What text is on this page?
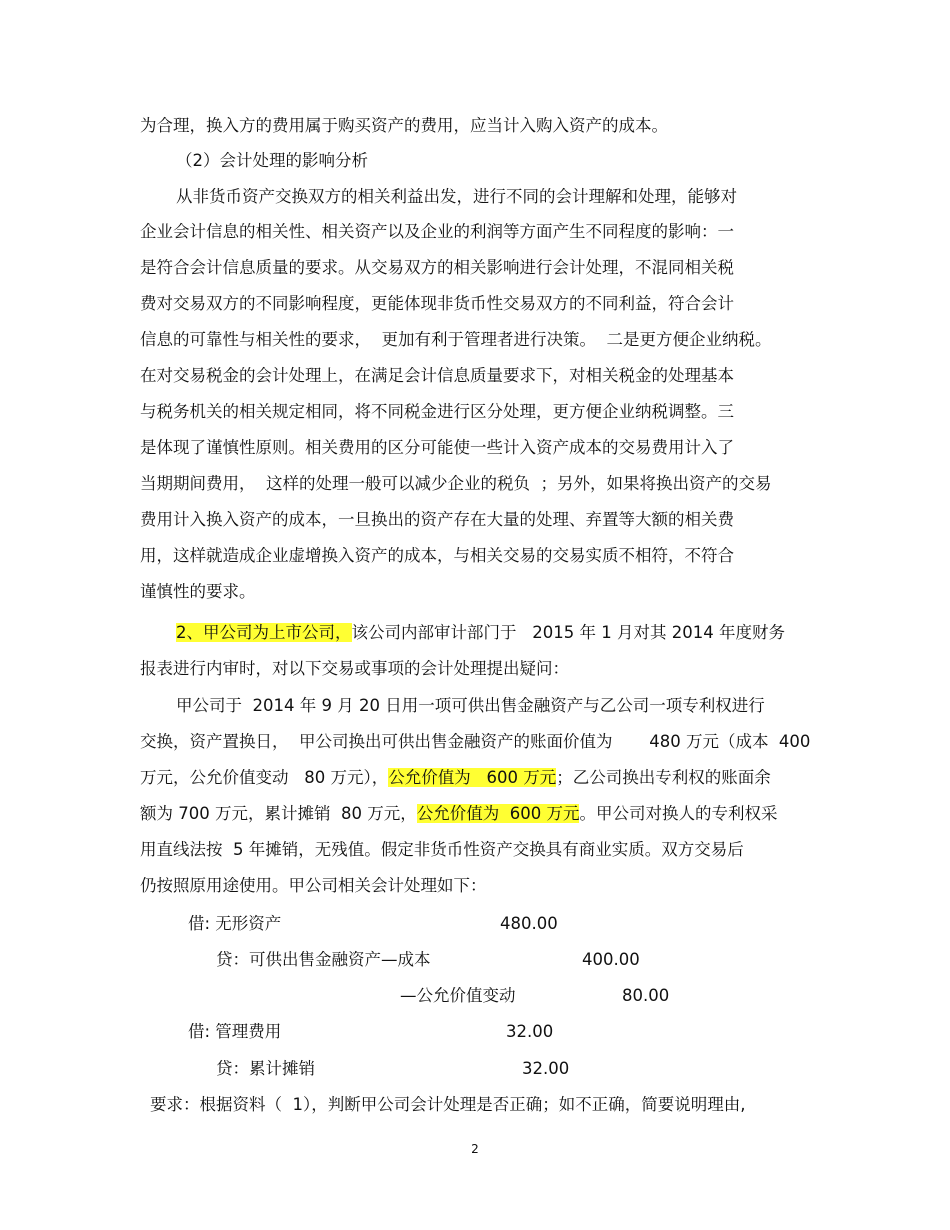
为合理，换入方的费用属于购买资产的费用，应当计入购入资产的成本。
（2）会计处理的影响分析
从非货币资产交换双方的相关利益出发，进行不同的会计理解和处理，能够对
企业会计信息的相关性、相关资产以及企业的利润等方面产生不同程度的影响：一
是符合会计信息质量的要求。从交易双方的相关影响进行会计处理，不混同相关税
费对交易双方的不同影响程度，更能体现非货币性交易双方的不同利益，符合会计
信息的可靠性与相关性的要求，  更加有利于管理者进行决策。  二是更方便企业纳税。
在对交易税金的会计处理上，在满足会计信息质量要求下，对相关税金的处理基本
与税务机关的相关规定相同，将不同税金进行区分处理，更方便企业纳税调整。三
是体现了谨慎性原则。相关费用的区分可能使一些计入资产成本的交易费用计入了
当期期间费用，  这样的处理一般可以减少企业的税负  ；另外，如果将换出资产的交易
费用计入换入资产的成本，一旦换出的资产存在大量的处理、弃置等大额的相关费
用，这样就造成企业虚增换入资产的成本，与相关交易的交易实质不相符，不符合
谨慎性的要求。
2、甲公司为上市公司，该公司内部审计部门于   2015 年 1 月对其 2014 年度财务
报表进行内审时，对以下交易或事项的会计处理提出疑问：
甲公司于  2014 年 9 月 20 日用一项可供出售金融资产与乙公司一项专利权进行
交换，资产置换日，  甲公司换出可供出售金融资产的账面价值为       480 万元（成本  400
万元，公允价值变动   80 万元），公允价值为   600 万元；乙公司换出专利权的账面余
额为 700 万元，累计摊销  80 万元，公允价值为  600 万元。甲公司对换人的专利权采
用直线法按  5 年摊销，无残值。假定非货币性资产交换具有商业实质。双方交易后
仍按照原用途使用。甲公司相关会计处理如下：
借: 无形资产	480.00
贷：可供出售金融资产—成本	400.00
—公允价值变动	80.00
借: 管理费用	32.00
贷：累计摊销	32.00
要求：根据资料（  1），判断甲公司会计处理是否正确；如不正确，简要说明理由,
2
